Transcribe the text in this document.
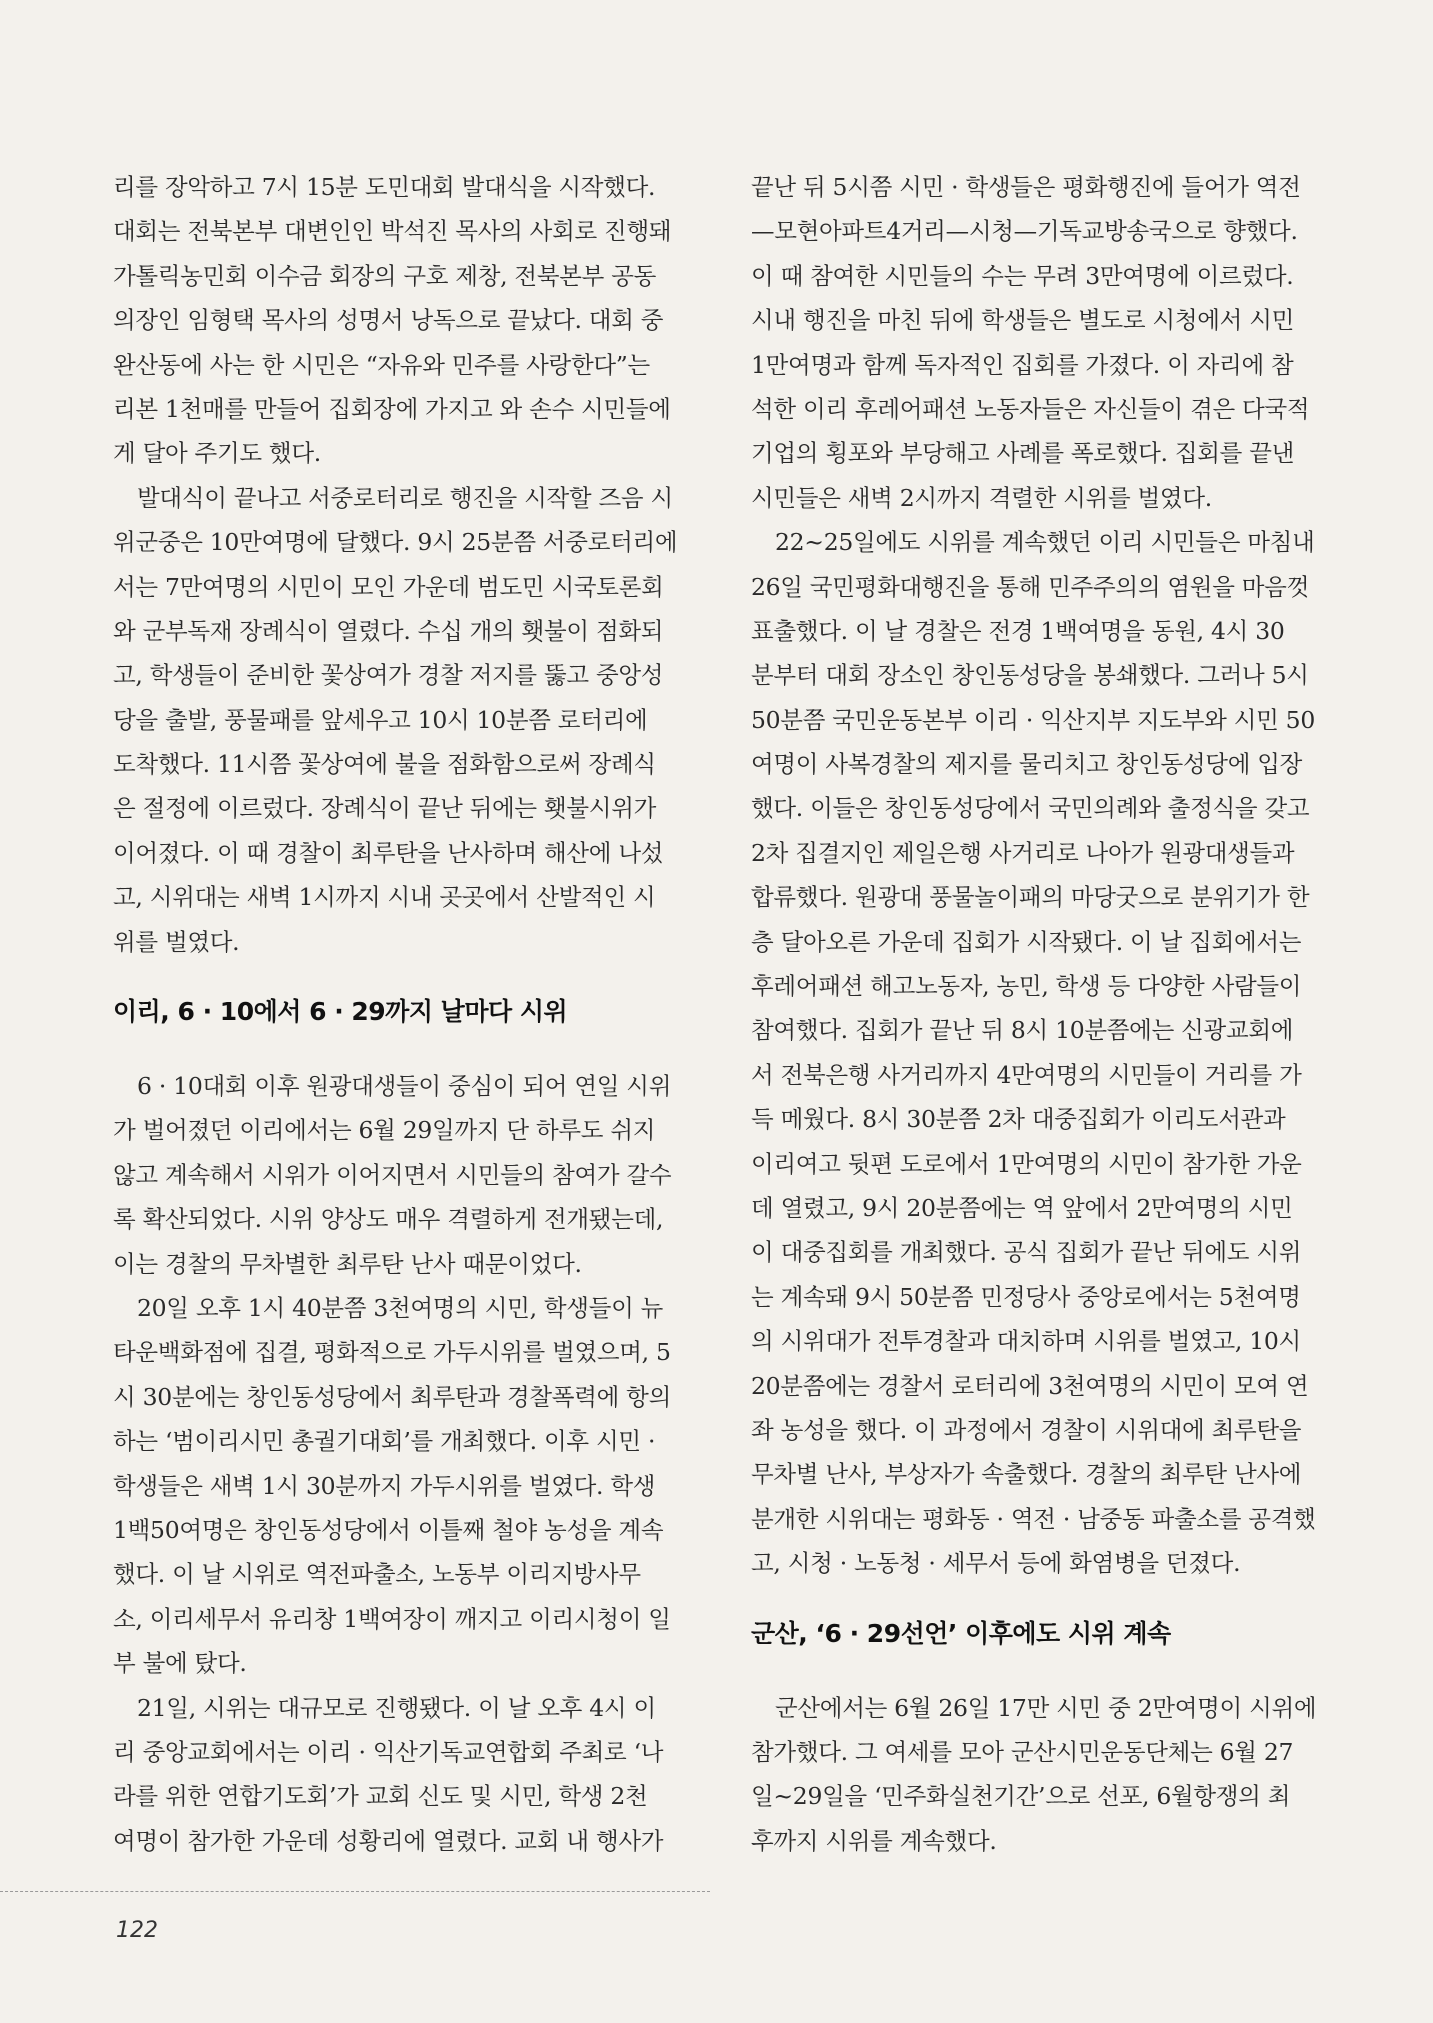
리를 장악하고 7시 15분 도민대회 발대식을 시작했다.
대회는 전북본부 대변인인 박석진 목사의 사회로 진행돼
가톨릭농민회 이수금 회장의 구호 제창, 전북본부 공동
의장인 임형택 목사의 성명서 낭독으로 끝났다. 대회 중
완산동에 사는 한 시민은 “자유와 민주를 사랑한다”는
리본 1천매를 만들어 집회장에 가지고 와 손수 시민들에
게 달아 주기도 했다.
발대식이 끝나고 서중로터리로 행진을 시작할 즈음 시
위군중은 10만여명에 달했다. 9시 25분쯤 서중로터리에
서는 7만여명의 시민이 모인 가운데 범도민 시국토론회
와 군부독재 장례식이 열렸다. 수십 개의 횃불이 점화되
고, 학생들이 준비한 꽃상여가 경찰 저지를 뚫고 중앙성
당을 출발, 풍물패를 앞세우고 10시 10분쯤 로터리에
도착했다. 11시쯤 꽃상여에 불을 점화함으로써 장례식
은 절정에 이르렀다. 장례식이 끝난 뒤에는 횃불시위가
이어졌다. 이 때 경찰이 최루탄을 난사하며 해산에 나섰
고, 시위대는 새벽 1시까지 시내 곳곳에서 산발적인 시
위를 벌였다.
이리, 6 · 10에서 6 · 29까지 날마다 시위
6 · 10대회 이후 원광대생들이 중심이 되어 연일 시위
가 벌어졌던 이리에서는 6월 29일까지 단 하루도 쉬지
않고 계속해서 시위가 이어지면서 시민들의 참여가 갈수
록 확산되었다. 시위 양상도 매우 격렬하게 전개됐는데,
이는 경찰의 무차별한 최루탄 난사 때문이었다.
20일 오후 1시 40분쯤 3천여명의 시민, 학생들이 뉴
타운백화점에 집결, 평화적으로 가두시위를 벌였으며, 5
시 30분에는 창인동성당에서 최루탄과 경찰폭력에 항의
하는 ‘범이리시민 총궐기대회’를 개최했다. 이후 시민 ·
학생들은 새벽 1시 30분까지 가두시위를 벌였다. 학생
1백50여명은 창인동성당에서 이틀째 철야 농성을 계속
했다. 이 날 시위로 역전파출소, 노동부 이리지방사무
소, 이리세무서 유리창 1백여장이 깨지고 이리시청이 일
부 불에 탔다.
21일, 시위는 대규모로 진행됐다. 이 날 오후 4시 이
리 중앙교회에서는 이리 · 익산기독교연합회 주최로 ‘나
라를 위한 연합기도회’가 교회 신도 및 시민, 학생 2천
여명이 참가한 가운데 성황리에 열렸다. 교회 내 행사가
끝난 뒤 5시쯤 시민 · 학생들은 평화행진에 들어가 역전
—모현아파트4거리—시청—기독교방송국으로 향했다.
이 때 참여한 시민들의 수는 무려 3만여명에 이르렀다.
시내 행진을 마친 뒤에 학생들은 별도로 시청에서 시민
1만여명과 함께 독자적인 집회를 가졌다. 이 자리에 참
석한 이리 후레어패션 노동자들은 자신들이 겪은 다국적
기업의 횡포와 부당해고 사례를 폭로했다. 집회를 끝낸
시민들은 새벽 2시까지 격렬한 시위를 벌였다.
22~25일에도 시위를 계속했던 이리 시민들은 마침내
26일 국민평화대행진을 통해 민주주의의 염원을 마음껏
표출했다. 이 날 경찰은 전경 1백여명을 동원, 4시 30
분부터 대회 장소인 창인동성당을 봉쇄했다. 그러나 5시
50분쯤 국민운동본부 이리 · 익산지부 지도부와 시민 50
여명이 사복경찰의 제지를 물리치고 창인동성당에 입장
했다. 이들은 창인동성당에서 국민의례와 출정식을 갖고
2차 집결지인 제일은행 사거리로 나아가 원광대생들과
합류했다. 원광대 풍물놀이패의 마당굿으로 분위기가 한
층 달아오른 가운데 집회가 시작됐다. 이 날 집회에서는
후레어패션 해고노동자, 농민, 학생 등 다양한 사람들이
참여했다. 집회가 끝난 뒤 8시 10분쯤에는 신광교회에
서 전북은행 사거리까지 4만여명의 시민들이 거리를 가
득 메웠다. 8시 30분쯤 2차 대중집회가 이리도서관과
이리여고 뒷편 도로에서 1만여명의 시민이 참가한 가운
데 열렸고, 9시 20분쯤에는 역 앞에서 2만여명의 시민
이 대중집회를 개최했다. 공식 집회가 끝난 뒤에도 시위
는 계속돼 9시 50분쯤 민정당사 중앙로에서는 5천여명
의 시위대가 전투경찰과 대치하며 시위를 벌였고, 10시
20분쯤에는 경찰서 로터리에 3천여명의 시민이 모여 연
좌 농성을 했다. 이 과정에서 경찰이 시위대에 최루탄을
무차별 난사, 부상자가 속출했다. 경찰의 최루탄 난사에
분개한 시위대는 평화동 · 역전 · 남중동 파출소를 공격했
고, 시청 · 노동청 · 세무서 등에 화염병을 던졌다.
군산, ‘6 · 29선언’ 이후에도 시위 계속
군산에서는 6월 26일 17만 시민 중 2만여명이 시위에
참가했다. 그 여세를 모아 군산시민운동단체는 6월 27
일~29일을 ‘민주화실천기간’으로 선포, 6월항쟁의 최
후까지 시위를 계속했다.
122
